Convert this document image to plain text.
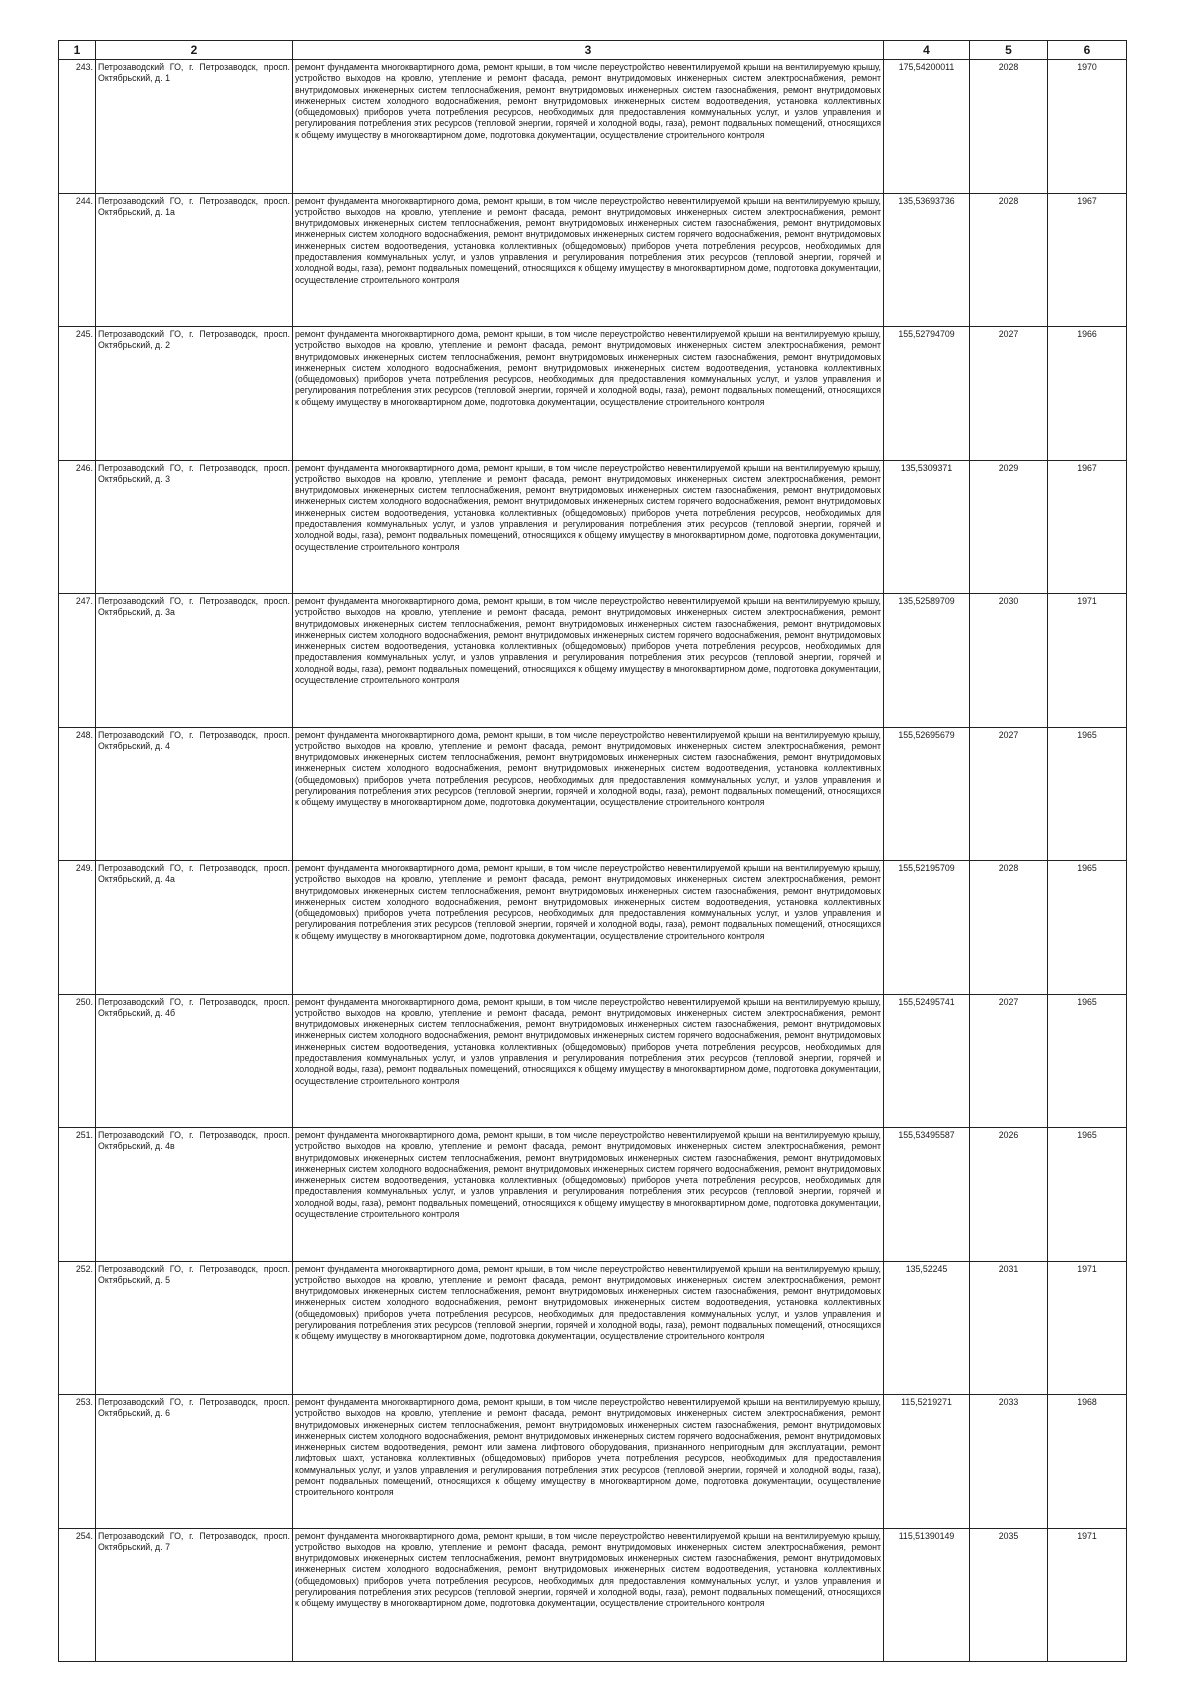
1	2	3	4	5	6
243.	Петрозаводский ГО, г. Петрозаводск, просп. Октябрьский, д. 1	ремонт фундамента многоквартирного дома, ремонт крыши, в том числе переустройство невентилируемой крыши на вентилируемую крышу, устройство выходов на кровлю, утепление и ремонт фасада, ремонт внутридомовых инженерных систем электроснабжения, ремонт внутридомовых инженерных систем теплоснабжения, ремонт внутридомовых инженерных систем газоснабжения, ремонт внутридомовых инженерных систем холодного водоснабжения, ремонт внутридомовых инженерных систем водоотведения, установка коллективных (общедомовых) приборов учета потребления ресурсов, необходимых для предоставления коммунальных услуг, и узлов управления и регулирования потребления этих ресурсов (тепловой энергии, горячей и холодной воды, газа), ремонт подвальных помещений, относящихся к общему имуществу в многоквартирном доме, подготовка документации, осуществление строительного контроля	175,54200011	2028	1970
244.	Петрозаводский ГО, г. Петрозаводск, просп. Октябрьский, д. 1а	ремонт фундамента многоквартирного дома, ремонт крыши, в том числе переустройство невентилируемой крыши на вентилируемую крышу, устройство выходов на кровлю, утепление и ремонт фасада, ремонт внутридомовых инженерных систем электроснабжения, ремонт внутридомовых инженерных систем теплоснабжения, ремонт внутридомовых инженерных систем газоснабжения, ремонт внутридомовых инженерных систем холодного водоснабжения, ремонт внутридомовых инженерных систем горячего водоснабжения, ремонт внутридомовых инженерных систем водоотведения, установка коллективных (общедомовых) приборов учета потребления ресурсов, необходимых для предоставления коммунальных услуг, и узлов управления и регулирования потребления этих ресурсов (тепловой энергии, горячей и холодной воды, газа), ремонт подвальных помещений, относящихся к общему имуществу в многоквартирном доме, подготовка документации, осуществление строительного контроля	135,53693736	2028	1967
245.	Петрозаводский ГО, г. Петрозаводск, просп. Октябрьский, д. 2	ремонт фундамента многоквартирного дома, ремонт крыши, в том числе переустройство невентилируемой крыши на вентилируемую крышу, устройство выходов на кровлю, утепление и ремонт фасада, ремонт внутридомовых инженерных систем электроснабжения, ремонт внутридомовых инженерных систем теплоснабжения, ремонт внутридомовых инженерных систем газоснабжения, ремонт внутридомовых инженерных систем холодного водоснабжения, ремонт внутридомовых инженерных систем водоотведения, установка коллективных (общедомовых) приборов учета потребления ресурсов, необходимых для предоставления коммунальных услуг, и узлов управления и регулирования потребления этих ресурсов (тепловой энергии, горячей и холодной воды, газа), ремонт подвальных помещений, относящихся к общему имуществу в многоквартирном доме, подготовка документации, осуществление строительного контроля	155,52794709	2027	1966
246.	Петрозаводский ГО, г. Петрозаводск, просп. Октябрьский, д. 3	ремонт фундамента многоквартирного дома, ремонт крыши, в том числе переустройство невентилируемой крыши на вентилируемую крышу, устройство выходов на кровлю, утепление и ремонт фасада, ремонт внутридомовых инженерных систем электроснабжения, ремонт внутридомовых инженерных систем теплоснабжения, ремонт внутридомовых инженерных систем газоснабжения, ремонт внутридомовых инженерных систем холодного водоснабжения, ремонт внутридомовых инженерных систем горячего водоснабжения, ремонт внутридомовых инженерных систем водоотведения, установка коллективных (общедомовых) приборов учета потребления ресурсов, необходимых для предоставления коммунальных услуг, и узлов управления и регулирования потребления этих ресурсов (тепловой энергии, горячей и холодной воды, газа), ремонт подвальных помещений, относящихся к общему имуществу в многоквартирном доме, подготовка документации, осуществление строительного контроля	135,5309371	2029	1967
247.	Петрозаводский ГО, г. Петрозаводск, просп. Октябрьский, д. 3а	ремонт фундамента многоквартирного дома, ремонт крыши, в том числе переустройство невентилируемой крыши на вентилируемую крышу, устройство выходов на кровлю, утепление и ремонт фасада, ремонт внутридомовых инженерных систем электроснабжения, ремонт внутридомовых инженерных систем теплоснабжения, ремонт внутридомовых инженерных систем газоснабжения, ремонт внутридомовых инженерных систем холодного водоснабжения, ремонт внутридомовых инженерных систем горячего водоснабжения, ремонт внутридомовых инженерных систем водоотведения, установка коллективных (общедомовых) приборов учета потребления ресурсов, необходимых для предоставления коммунальных услуг, и узлов управления и регулирования потребления этих ресурсов (тепловой энергии, горячей и холодной воды, газа), ремонт подвальных помещений, относящихся к общему имуществу в многоквартирном доме, подготовка документации, осуществление строительного контроля	135,52589709	2030	1971
248.	Петрозаводский ГО, г. Петрозаводск, просп. Октябрьский, д. 4	ремонт фундамента многоквартирного дома, ремонт крыши, в том числе переустройство невентилируемой крыши на вентилируемую крышу, устройство выходов на кровлю, утепление и ремонт фасада, ремонт внутридомовых инженерных систем электроснабжения, ремонт внутридомовых инженерных систем теплоснабжения, ремонт внутридомовых инженерных систем газоснабжения, ремонт внутридомовых инженерных систем холодного водоснабжения, ремонт внутридомовых инженерных систем водоотведения, установка коллективных (общедомовых) приборов учета потребления ресурсов, необходимых для предоставления коммунальных услуг, и узлов управления и регулирования потребления этих ресурсов (тепловой энергии, горячей и холодной воды, газа), ремонт подвальных помещений, относящихся к общему имуществу в многоквартирном доме, подготовка документации, осуществление строительного контроля	155,52695679	2027	1965
249.	Петрозаводский ГО, г. Петрозаводск, просп. Октябрьский, д. 4а	ремонт фундамента многоквартирного дома, ремонт крыши, в том числе переустройство невентилируемой крыши на вентилируемую крышу, устройство выходов на кровлю, утепление и ремонт фасада, ремонт внутридомовых инженерных систем электроснабжения, ремонт внутридомовых инженерных систем теплоснабжения, ремонт внутридомовых инженерных систем газоснабжения, ремонт внутридомовых инженерных систем холодного водоснабжения, ремонт внутридомовых инженерных систем водоотведения, установка коллективных (общедомовых) приборов учета потребления ресурсов, необходимых для предоставления коммунальных услуг, и узлов управления и регулирования потребления этих ресурсов (тепловой энергии, горячей и холодной воды, газа), ремонт подвальных помещений, относящихся к общему имуществу в многоквартирном доме, подготовка документации, осуществление строительного контроля	155,52195709	2028	1965
250.	Петрозаводский ГО, г. Петрозаводск, просп. Октябрьский, д. 4б	ремонт фундамента многоквартирного дома, ремонт крыши, в том числе переустройство невентилируемой крыши на вентилируемую крышу, устройство выходов на кровлю, утепление и ремонт фасада, ремонт внутридомовых инженерных систем электроснабжения, ремонт внутридомовых инженерных систем теплоснабжения, ремонт внутридомовых инженерных систем газоснабжения, ремонт внутридомовых инженерных систем холодного водоснабжения, ремонт внутридомовых инженерных систем горячего водоснабжения, ремонт внутридомовых инженерных систем водоотведения, установка коллективных (общедомовых) приборов учета потребления ресурсов, необходимых для предоставления коммунальных услуг, и узлов управления и регулирования потребления этих ресурсов (тепловой энергии, горячей и холодной воды, газа), ремонт подвальных помещений, относящихся к общему имуществу в многоквартирном доме, подготовка документации, осуществление строительного контроля	155,52495741	2027	1965
251.	Петрозаводский ГО, г. Петрозаводск, просп. Октябрьский, д. 4в	ремонт фундамента многоквартирного дома, ремонт крыши, в том числе переустройство невентилируемой крыши на вентилируемую крышу, устройство выходов на кровлю, утепление и ремонт фасада, ремонт внутридомовых инженерных систем электроснабжения, ремонт внутридомовых инженерных систем теплоснабжения, ремонт внутридомовых инженерных систем газоснабжения, ремонт внутридомовых инженерных систем холодного водоснабжения, ремонт внутридомовых инженерных систем горячего водоснабжения, ремонт внутридомовых инженерных систем водоотведения, установка коллективных (общедомовых) приборов учета потребления ресурсов, необходимых для предоставления коммунальных услуг, и узлов управления и регулирования потребления этих ресурсов (тепловой энергии, горячей и холодной воды, газа), ремонт подвальных помещений, относящихся к общему имуществу в многоквартирном доме, подготовка документации, осуществление строительного контроля	155,53495587	2026	1965
252.	Петрозаводский ГО, г. Петрозаводск, просп. Октябрьский, д. 5	ремонт фундамента многоквартирного дома, ремонт крыши, в том числе переустройство невентилируемой крыши на вентилируемую крышу, устройство выходов на кровлю, утепление и ремонт фасада, ремонт внутридомовых инженерных систем электроснабжения, ремонт внутридомовых инженерных систем теплоснабжения, ремонт внутридомовых инженерных систем газоснабжения, ремонт внутридомовых инженерных систем холодного водоснабжения, ремонт внутридомовых инженерных систем водоотведения, установка коллективных (общедомовых) приборов учета потребления ресурсов, необходимых для предоставления коммунальных услуг, и узлов управления и регулирования потребления этих ресурсов (тепловой энергии, горячей и холодной воды, газа), ремонт подвальных помещений, относящихся к общему имуществу в многоквартирном доме, подготовка документации, осуществление строительного контроля	135,52245	2031	1971
253.	Петрозаводский ГО, г. Петрозаводск, просп. Октябрьский, д. 6	ремонт фундамента многоквартирного дома, ремонт крыши, в том числе переустройство невентилируемой крыши на вентилируемую крышу, устройство выходов на кровлю, утепление и ремонт фасада, ремонт внутридомовых инженерных систем электроснабжения, ремонт внутридомовых инженерных систем теплоснабжения, ремонт внутридомовых инженерных систем газоснабжения, ремонт внутридомовых инженерных систем холодного водоснабжения, ремонт внутридомовых инженерных систем горячего водоснабжения, ремонт внутридомовых инженерных систем водоотведения, ремонт или замена лифтового оборудования, признанного непригодным для эксплуатации, ремонт лифтовых шахт, установка коллективных (общедомовых) приборов учета потребления ресурсов, необходимых для предоставления коммунальных услуг, и узлов управления и регулирования потребления этих ресурсов (тепловой энергии, горячей и холодной воды, газа), ремонт подвальных помещений, относящихся к общему имуществу в многоквартирном доме, подготовка документации, осуществление строительного контроля	115,5219271	2033	1968
254.	Петрозаводский ГО, г. Петрозаводск, просп. Октябрьский, д. 7	ремонт фундамента многоквартирного дома, ремонт крыши, в том числе переустройство невентилируемой крыши на вентилируемую крышу, устройство выходов на кровлю, утепление и ремонт фасада, ремонт внутридомовых инженерных систем электроснабжения, ремонт внутридомовых инженерных систем теплоснабжения, ремонт внутридомовых инженерных систем газоснабжения, ремонт внутридомовых инженерных систем холодного водоснабжения, ремонт внутридомовых инженерных систем водоотведения, установка коллективных (общедомовых) приборов учета потребления ресурсов, необходимых для предоставления коммунальных услуг, и узлов управления и регулирования потребления этих ресурсов (тепловой энергии, горячей и холодной воды, газа), ремонт подвальных помещений, относящихся к общему имуществу в многоквартирном доме, подготовка документации, осуществление строительного контроля	115,51390149	2035	1971
